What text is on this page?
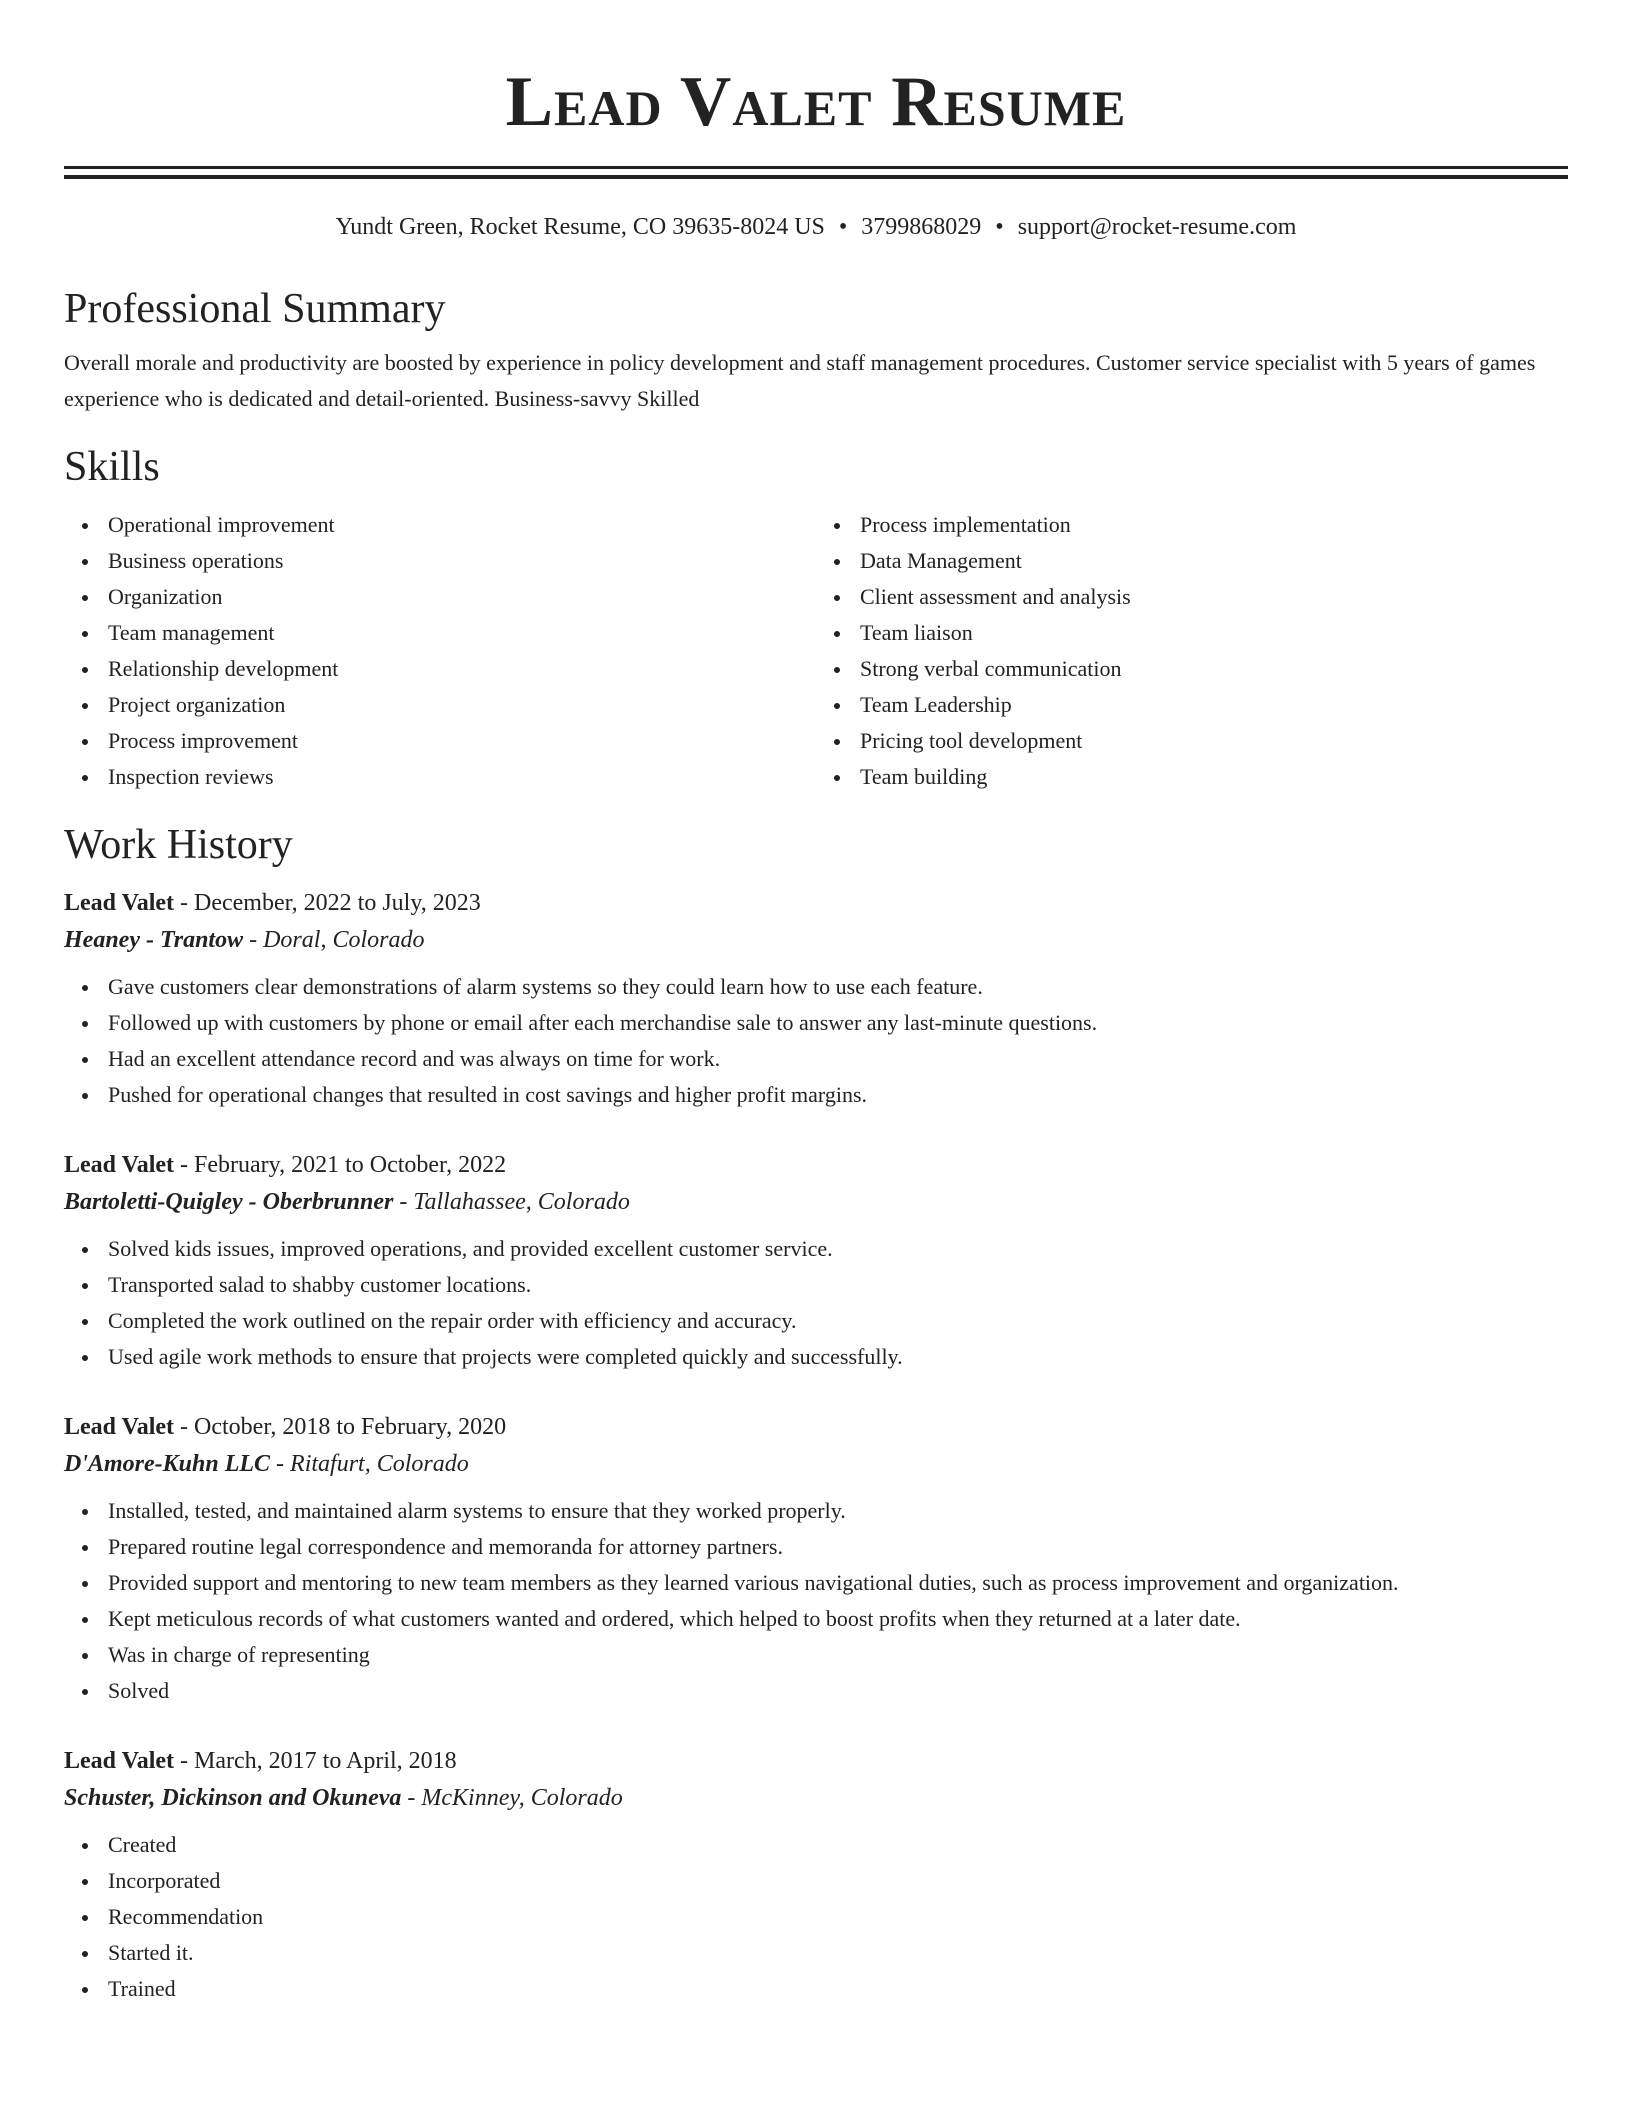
Lead Valet Resume
Yundt Green, Rocket Resume, CO 39635-8024 US • 3799868029 • support@rocket-resume.com
Professional Summary

Overall morale and productivity are boosted by experience in policy development and staff management procedures. Customer service specialist with 5 years of games experience who is dedicated and detail-oriented. Business-savvy Skilled

Skills
Operational improvement
Business operations
Organization
Team management
Relationship development
Project organization
Process improvement
Inspection reviews
Process implementation
Data Management
Client assessment and analysis
Team liaison
Strong verbal communication
Team Leadership
Pricing tool development
Team building
Work History
Lead Valet - December, 2022 to July, 2023
Heaney - Trantow - Doral, Colorado
Gave customers clear demonstrations of alarm systems so they could learn how to use each feature.
Followed up with customers by phone or email after each merchandise sale to answer any last-minute questions.
Had an excellent attendance record and was always on time for work.
Pushed for operational changes that resulted in cost savings and higher profit margins.
Lead Valet - February, 2021 to October, 2022
Bartoletti-Quigley - Oberbrunner - Tallahassee, Colorado
Solved kids issues, improved operations, and provided excellent customer service.
Transported salad to shabby customer locations.
Completed the work outlined on the repair order with efficiency and accuracy.
Used agile work methods to ensure that projects were completed quickly and successfully.
Lead Valet - October, 2018 to February, 2020
D'Amore-Kuhn LLC - Ritafurt, Colorado
Installed, tested, and maintained alarm systems to ensure that they worked properly.
Prepared routine legal correspondence and memoranda for attorney partners.
Provided support and mentoring to new team members as they learned various navigational duties, such as process improvement and organization.
Kept meticulous records of what customers wanted and ordered, which helped to boost profits when they returned at a later date.
Was in charge of representing
Solved
Lead Valet - March, 2017 to April, 2018
Schuster, Dickinson and Okuneva - McKinney, Colorado
Created
Incorporated
Recommendation
Started it.
Trained
